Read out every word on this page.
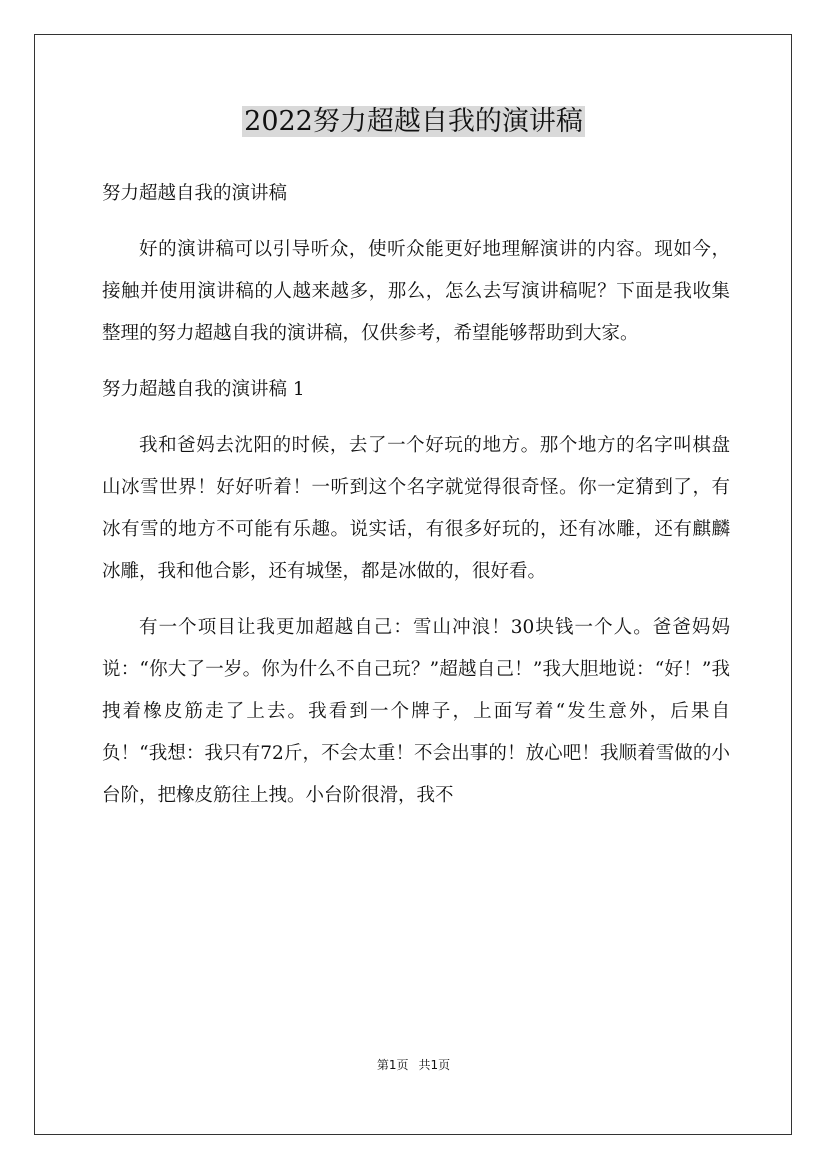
2022努力超越自我的演讲稿

努力超越自我的演讲稿

好的演讲稿可以引导听众，使听众能更好地理解演讲的内容。现如今，接触并使用演讲稿的人越来越多，那么，怎么去写演讲稿呢？下面是我收集整理的努力超越自我的演讲稿，仅供参考，希望能够帮助到大家。

努力超越自我的演讲稿 1

我和爸妈去沈阳的时候，去了一个好玩的地方。那个地方的名字叫棋盘山冰雪世界！好好听着！一听到这个名字就觉得很奇怪。你一定猜到了，有冰有雪的地方不可能有乐趣。说实话，有很多好玩的，还有冰雕，还有麒麟冰雕，我和他合影，还有城堡，都是冰做的，很好看。

有一个项目让我更加超越自己：雪山冲浪！30块钱一个人。爸爸妈妈说：“你大了一岁。你为什么不自己玩？”超越自己！”我大胆地说：“好！”我拽着橡皮筋走了上去。我看到一个牌子，上面写着“发生意外，后果自负！“我想：我只有72斤，不会太重！不会出事的！放心吧！我顺着雪做的小台阶，把橡皮筋往上拽。小台阶很滑，我不

第1页 共1页
